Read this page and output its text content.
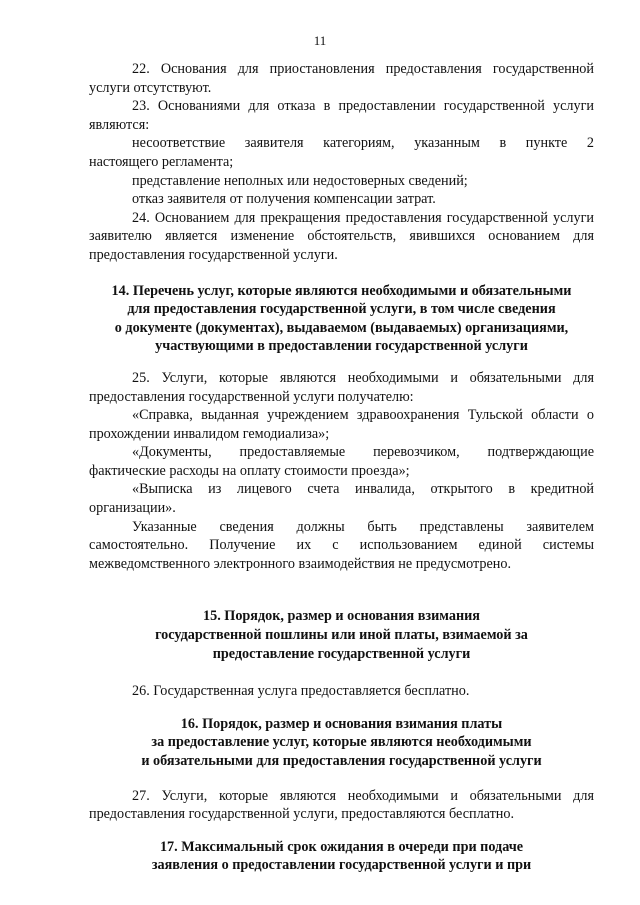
11

22. Основания для приостановления предоставления государственной услуги отсутствуют.

23. Основаниями для отказа в предоставлении государственной услуги являются:

несоответствие заявителя категориям, указанным в пункте 2

настоящего регламента;

представление неполных или недостоверных сведений;

отказ заявителя от получения компенсации затрат.

24. Основанием для прекращения предоставления государственной услуги заявителю является изменение обстоятельств, явившихся основанием для предоставления государственной услуги.

14. Перечень услуг, которые являются необходимыми и обязательными

для предоставления государственной услуги, в том числе сведения

о документе (документах), выдаваемом (выдаваемых) организациями,

участвующими в предоставлении государственной услуги

25. Услуги, которые являются необходимыми и обязательными для предоставления государственной услуги получателю:

«Справка, выданная учреждением здравоохранения Тульской области о прохождении инвалидом гемодиализа»;

«Документы, предоставляемые перевозчиком, подтверждающие фактические расходы на оплату стоимости проезда»;

«Выписка из лицевого счета инвалида, открытого в кредитной организации».

Указанные сведения должны быть представлены заявителем самостоятельно. Получение их с использованием единой системы межведомственного электронного взаимодействия не предусмотрено.

15. Порядок, размер и основания взимания

государственной пошлины или иной платы, взимаемой за

предоставление государственной услуги

26. Государственная услуга предоставляется бесплатно.

16. Порядок, размер и основания взимания платы

за предоставление услуг, которые являются необходимыми

и обязательными для предоставления государственной услуги

27. Услуги, которые являются необходимыми и обязательными для предоставления государственной услуги, предоставляются бесплатно.

17. Максимальный срок ожидания в очереди при подаче

заявления о предоставлении государственной услуги и при
